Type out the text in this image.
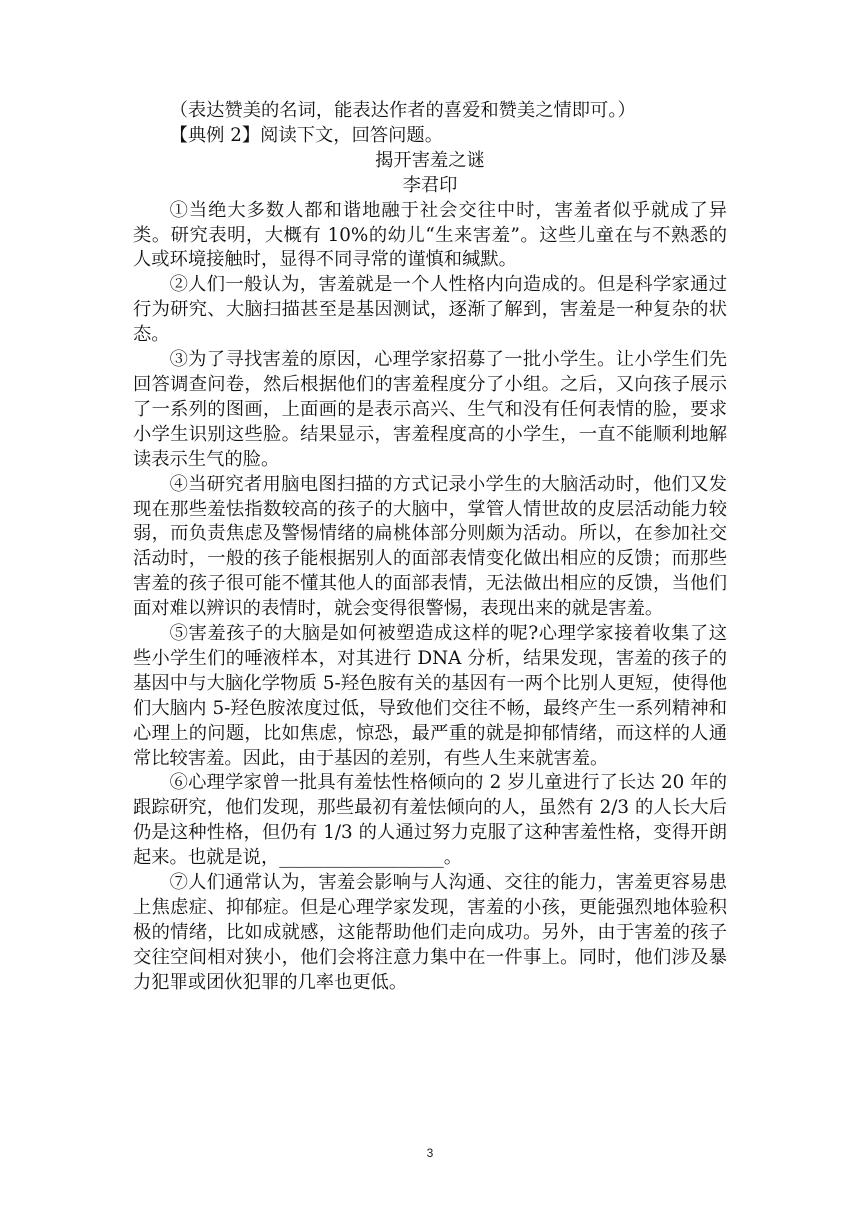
（表达赞美的名词，能表达作者的喜爱和赞美之情即可。）

【典例 2】阅读下文，回答问题。

揭开害羞之谜

李君印

①当绝大多数人都和谐地融于社会交往中时，害羞者似乎就成了异类。研究表明，大概有 10%的幼儿“生来害羞”。这些儿童在与不熟悉的人或环境接触时，显得不同寻常的谨慎和缄默。

②人们一般认为，害羞就是一个人性格内向造成的。但是科学家通过行为研究、大脑扫描甚至是基因测试，逐渐了解到，害羞是一种复杂的状态。

③为了寻找害羞的原因，心理学家招募了一批小学生。让小学生们先回答调查问卷，然后根据他们的害羞程度分了小组。之后，又向孩子展示了一系列的图画，上面画的是表示高兴、生气和没有任何表情的脸，要求小学生识别这些脸。结果显示，害羞程度高的小学生，一直不能顺利地解读表示生气的脸。

④当研究者用脑电图扫描的方式记录小学生的大脑活动时，他们又发现在那些羞怯指数较高的孩子的大脑中，掌管人情世故的皮层活动能力较弱，而负责焦虑及警惕情绪的扁桃体部分则颇为活动。所以，在参加社交活动时，一般的孩子能根据别人的面部表情变化做出相应的反馈；而那些害羞的孩子很可能不懂其他人的面部表情，无法做出相应的反馈，当他们面对难以辨识的表情时，就会变得很警惕，表现出来的就是害羞。

⑤害羞孩子的大脑是如何被塑造成这样的呢?心理学家接着收集了这些小学生们的唾液样本，对其进行 DNA 分析，结果发现，害羞的孩子的基因中与大脑化学物质 5-羟色胺有关的基因有一两个比别人更短，使得他们大脑内 5-羟色胺浓度过低，导致他们交往不畅，最终产生一系列精神和心理上的问题，比如焦虑，惊恐，最严重的就是抑郁情绪，而这样的人通常比较害羞。因此，由于基因的差别，有些人生来就害羞。

⑥心理学家曾一批具有羞怯性格倾向的 2 岁儿童进行了长达 20 年的跟踪研究，他们发现，那些最初有羞怯倾向的人，虽然有 2/3 的人长大后仍是这种性格，但仍有 1/3 的人通过努力克服了这种害羞性格，变得开朗起来。也就是说，__________________。

⑦人们通常认为，害羞会影响与人沟通、交往的能力，害羞更容易患上焦虑症、抑郁症。但是心理学家发现，害羞的小孩，更能强烈地体验积极的情绪，比如成就感，这能帮助他们走向成功。另外，由于害羞的孩子交往空间相对狭小，他们会将注意力集中在一件事上。同时，他们涉及暴力犯罪或团伙犯罪的几率也更低。

3
